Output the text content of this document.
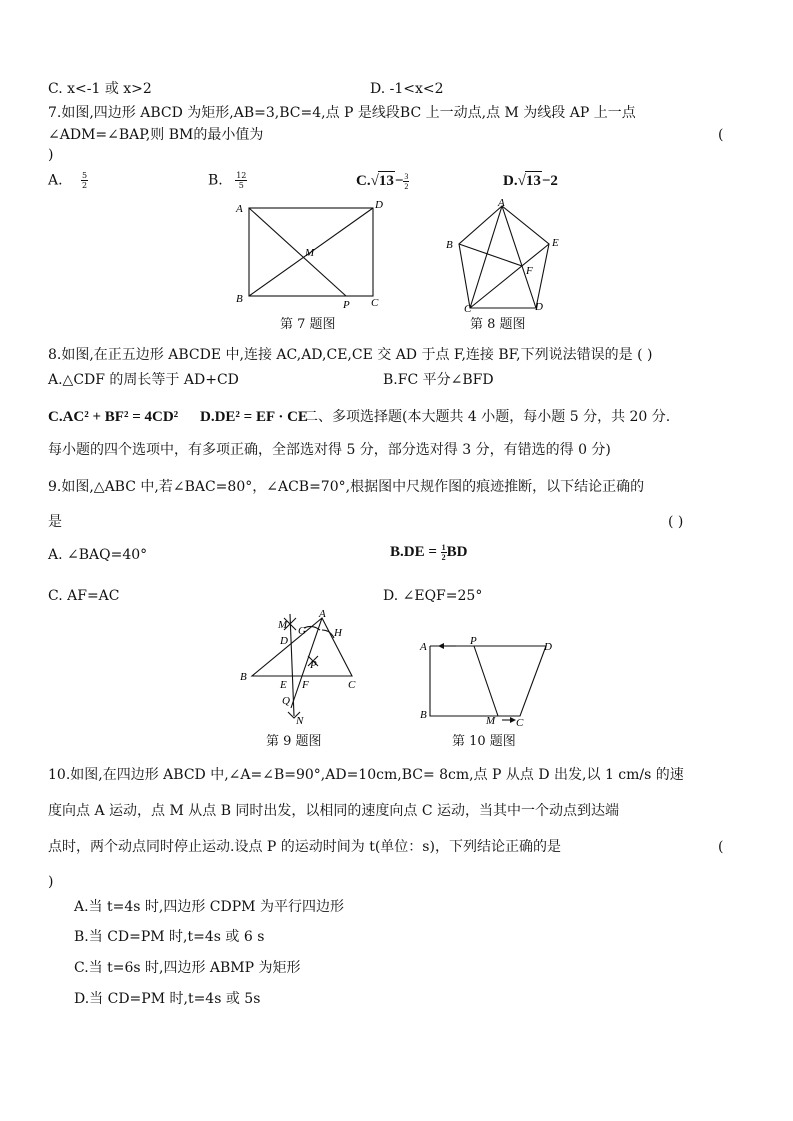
C. x<-1 或 x>2	D. -1<x<2
7.如图,四边形 ABCD 为矩形,AB=3,BC=4,点 P 是线段BC 上一动点,点 M 为线段 AP 上一点
∠ADM=∠BAP,则 BM的最小值为	(
)
A. $\frac{5}{2}$	B. $\frac{12}{5}$	$C.√13- \frac{3}{2}$	D.√13−2
A	D
B	C
P
M
第 7 题图
A
B	E
F
C	D
第 8 题图
8.如图,在正五边形 ABCDE 中,连接 AC,AD,CE,CE 交 AD 于点 F,连接 BF,下列说法错误的是 ( )
A.△CDF 的周长等于 AD+CD	B.FC 平分∠BFD
C.AC² + BF² = 4CD² D.DE² = EF · CE
二、多项选择题(本大题共 4 小题，每小题 5 分，共 20 分.
每小题的四个选项中，有多项正确，全部选对得 5 分，部分选对得 3 分，有错选的得 0 分)
9.如图,△ABC 中,若∠BAC=80°，∠ACB=70°,根据图中尺规作图的痕迹推断，以下结论正确的
是	( )
A. ∠BAQ=40°	$B.DE = \frac{1}{2}$ BD
C. AF=AC	D. ∠EQF=25°
A
M G	H
D
P
B
E F	C
Q
N
第 9 题图
A	P	D
B	M C
第 10 题图
10.如图,在四边形 ABCD 中,∠A=∠B=90°,AD=10cm,BC= 8cm,点 P 从点 D 出发,以 1 cm/s 的速
度向点 A 运动，点 M 从点 B 同时出发，以相同的速度向点 C 运动，当其中一个动点到达端
点时，两个动点同时停止运动.设点 P 的运动时间为 t(单位：s)，下列结论正确的是	(
)
A.当 t=4s 时,四边形 CDPM 为平行四边形
B.当 CD=PM 时,t=4s 或 6 s
C.当 t=6s 时,四边形 ABMP 为矩形
D.当 CD=PM 时,t=4s 或 5s
